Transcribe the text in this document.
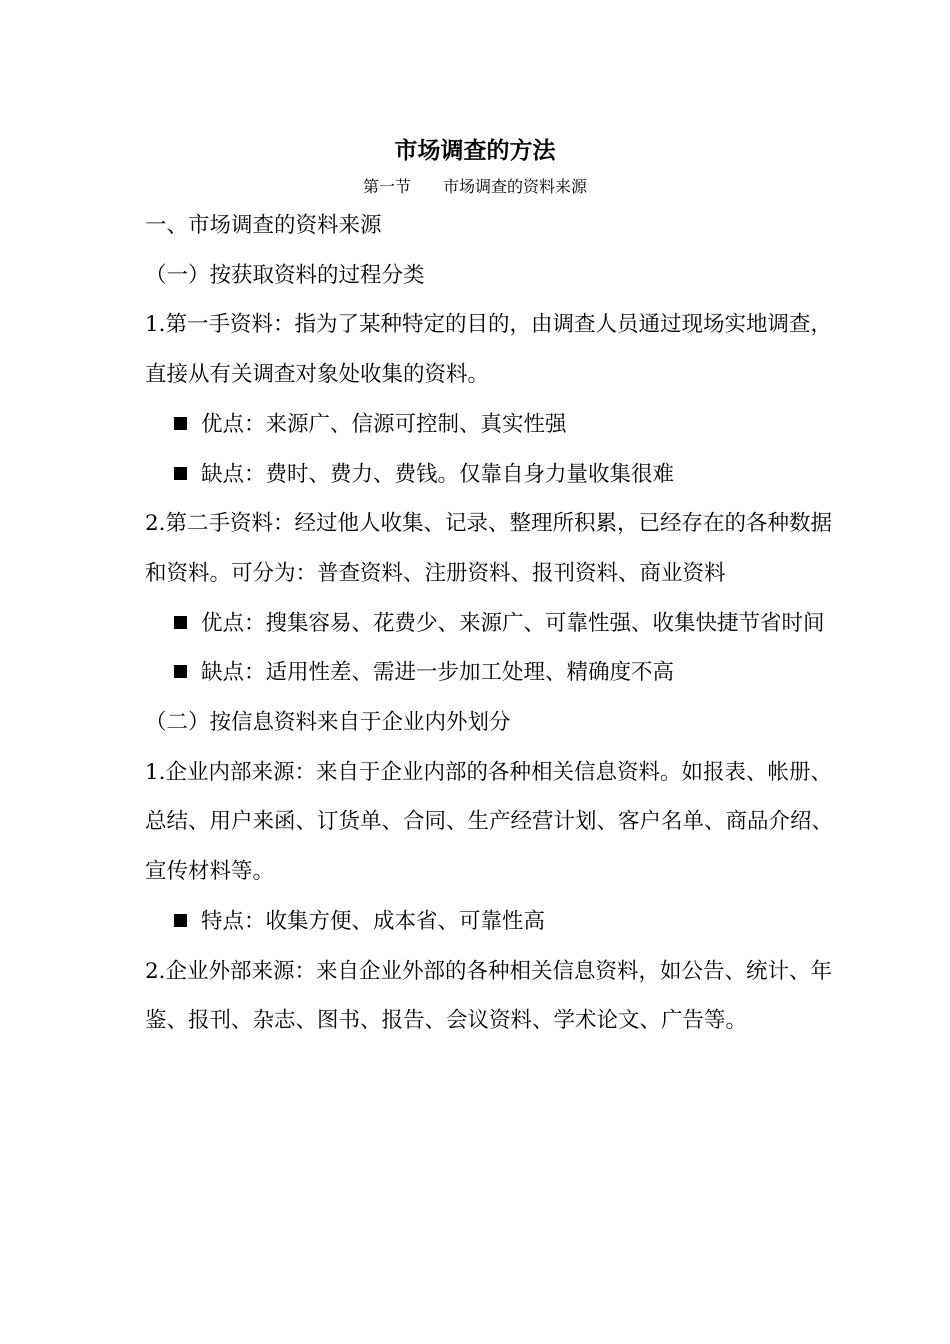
市场调查的方法
第一节　　市场调查的资料来源

一、市场调查的资料来源

（一）按获取资料的过程分类

1.第一手资料：指为了某种特定的目的，由调查人员通过现场实地调查，直接从有关调查对象处收集的资料。

优点：来源广、信源可控制、真实性强

缺点：费时、费力、费钱。仅靠自身力量收集很难

2.第二手资料：经过他人收集、记录、整理所积累，已经存在的各种数据和资料。可分为：普查资料、注册资料、报刊资料、商业资料

优点：搜集容易、花费少、来源广、可靠性强、收集快捷节省时间

缺点：适用性差、需进一步加工处理、精确度不高

（二）按信息资料来自于企业内外划分

1.企业内部来源：来自于企业内部的各种相关信息资料。如报表、帐册、总结、用户来函、订货单、合同、生产经营计划、客户名单、商品介绍、宣传材料等。

特点：收集方便、成本省、可靠性高

2.企业外部来源：来自企业外部的各种相关信息资料，如公告、统计、年鉴、报刊、杂志、图书、报告、会议资料、学术论文、广告等。
